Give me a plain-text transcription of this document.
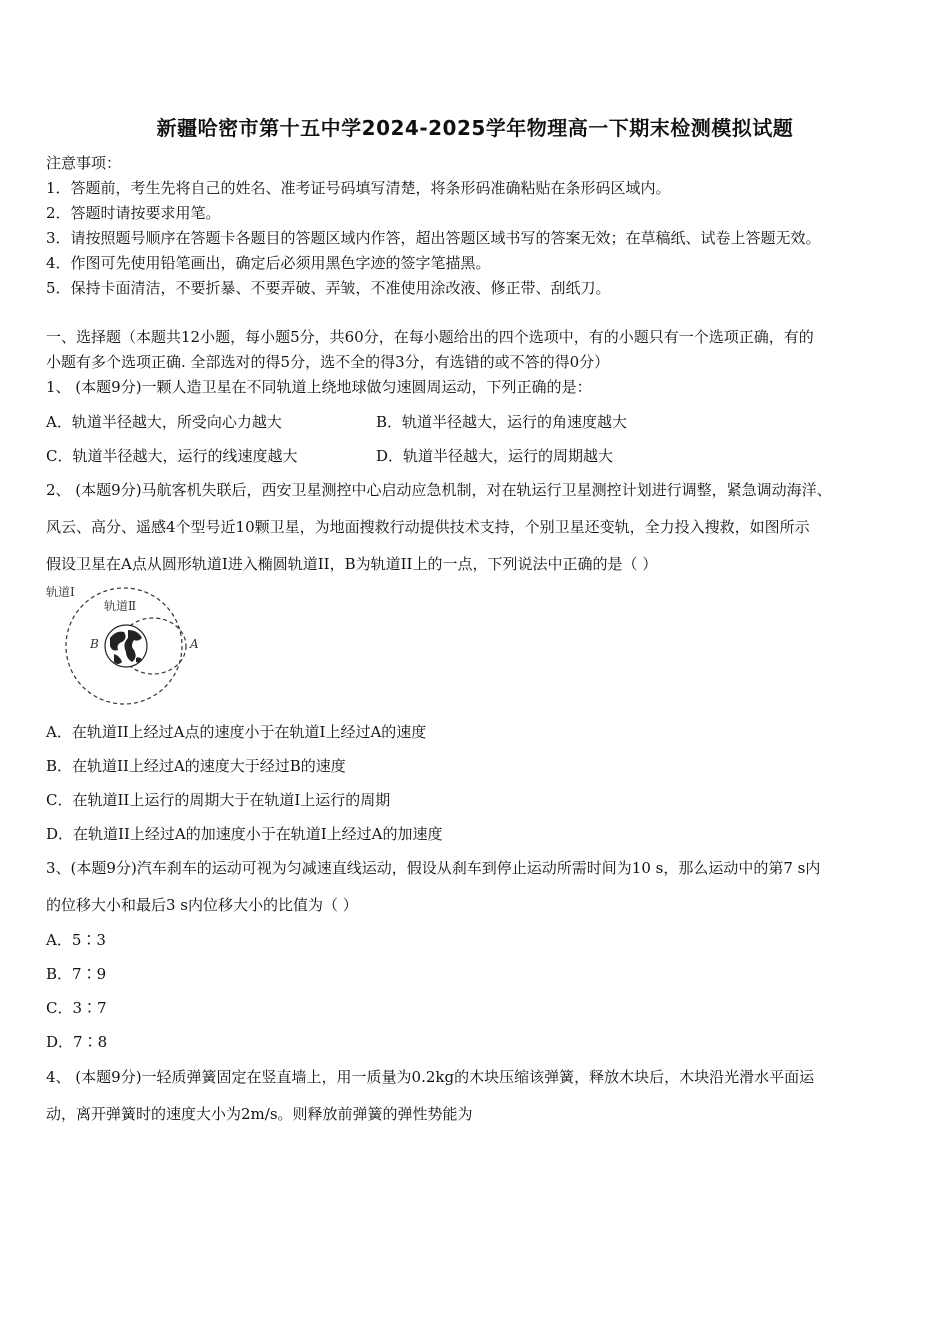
新疆哈密市第十五中学2024-2025学年物理高一下期末检测模拟试题
注意事项：
1．答题前，考生先将自己的姓名、准考证号码填写清楚，将条形码准确粘贴在条形码区域内。
2．答题时请按要求用笔。
3．请按照题号顺序在答题卡各题目的答题区域内作答，超出答题区域书写的答案无效；在草稿纸、试卷上答题无效。
4．作图可先使用铅笔画出，确定后必须用黑色字迹的签字笔描黑。
5．保持卡面清洁，不要折暴、不要弄破、弄皱，不准使用涂改液、修正带、刮纸刀。
一、选择题（本题共12小题，每小题5分，共60分，在每小题给出的四个选项中，有的小题只有一个选项正确，有的
小题有多个选项正确. 全部选对的得5分，选不全的得3分，有选错的或不答的得0分）
1、 (本题9分)一颗人造卫星在不同轨道上绕地球做匀速圆周运动，下列正确的是：
A．轨道半径越大，所受向心力越大	B．轨道半径越大，运行的角速度越大
C．轨道半径越大，运行的线速度越大	D．轨道半径越大，运行的周期越大
2、 (本题9分)马航客机失联后，西安卫星测控中心启动应急机制，对在轨运行卫星测控计划进行调整，紧急调动海洋、
风云、高分、遥感4个型号近10颗卫星，为地面搜救行动提供技术支持，个别卫星还变轨，全力投入搜救，如图所示
假设卫星在A点从圆形轨道I进入椭圆轨道II，B为轨道II上的一点，下列说法中正确的是（ ）
轨道Ⅰ
轨道Ⅱ
B	A
A．在轨道II上经过A点的速度小于在轨道I上经过A的速度
B．在轨道II上经过A的速度大于经过B的速度
C．在轨道II上运行的周期大于在轨道I上运行的周期
D．在轨道II上经过A的加速度小于在轨道I上经过A的加速度
3、(本题9分)汽车刹车的运动可视为匀减速直线运动，假设从刹车到停止运动所需时间为10 s，那么运动中的第7 s内
的位移大小和最后3 s内位移大小的比值为（ ）
A．5∶3
B．7∶9
C．3∶7
D．7∶8
4、 (本题9分)一轻质弹簧固定在竖直墙上，用一质量为0.2kg的木块压缩该弹簧，释放木块后，木块沿光滑水平面运
动，离开弹簧时的速度大小为2m/s。则释放前弹簧的弹性势能为
